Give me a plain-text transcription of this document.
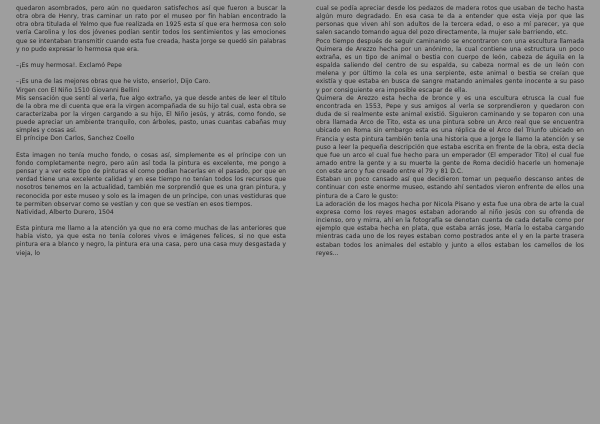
quedaron asombrados, pero aún no quedaron satisfechos así que fueron a buscar la otra obra de Henry, tras caminar un rato por el museo por fin habían encontrado la otra obra titulada el Yelmo que fue realizada en 1925 esta sí que era hermosa con solo vería Carolina y los dos jóvenes podían sentir todos los sentimientos y las emociones que se intentaban transmitir cuando esta fue creada, hasta Jorge se quedó sin palabras y no pudo expresar lo hermosa que era.

–¡Es muy hermosa!. Exclamó Pepe

–¡Es una de las mejores obras que he visto, enserio!, Dijo Caro.

Virgen con El Niño 1510 Giovanni Bellini

Mis sensación que sentí al verla, fue algo extraño, ya que desde antes de leer el título de la obra me di cuenta que era la virgen acompañada de su hijo tal cual, esta obra se caracterizaba por la virgen cargando a su hijo, El Niño jesús, y atrás, como fondo, se puede apreciar un ambiente tranquilo, con árboles, pasto, unas cuantas cabañas muy simples y cosas así.

El príncipe Don Carlos, Sanchez Coello

Esta imagen no tenía mucho fondo, o cosas así, simplemente es el príncipe con un fondo completamente negro, pero aún así toda la pintura es excelente, me pongo a pensar y a ver este tipo de pinturas el como podían hacerlas en el pasado, por que en verdad tiene una excelente calidad y en ese tiempo no tenían todos los recursos que nosotros tenemos en la actualidad, también me sorprendió que es una gran pintura, y reconocida por este museo y solo es la imagen de un príncipe, con unas vestiduras que te permiten observar como se vestían y con que se vestían en esos tiempos.

Natividad, Alberto Durero, 1504

Esta pintura me llamo a la atención ya que no era como muchas de las anteriores que había visto, ya que esta no tenía colores vivos e imágenes felices, si no que esta pintura era a blanco y negro, la pintura era una casa, pero una casa muy desgastada y vieja, lo

cual se podía apreciar desde los pedazos de madera rotos que usaban de techo hasta algún muro degradado. En esa casa te da a entender que esta vieja por que las personas que viven ahí son adultos de la tercera edad, o eso a mí parecer, ya que salen sacando tomando agua del pozo directamente, la mujer sale barriendo, etc.

Poco tiempo después de seguir caminando se encontraron con una escultura llamada Quimera de Arezzo hecha por un anónimo, la cual contiene una estructura un poco extraña, es un tipo de animal o bestia con cuerpo de león, cabeza de águila en la espalda saliendo del centro de su espalda, su cabeza normal es de un león con melena y por último la cola es una serpiente, este animal o bestia se creían que existía y que estaba en busca de sangre matando animales gente inocente a su paso y por consiguiente era imposible escapar de ella.

Quimera de Arezzo esta hecha de bronce y es una escultura etrusca la cual fue encontrada en 1553, Pepe y sus amigos al verla se sorprendieron y quedaron con duda de si realmente este animal existió. Siguieron caminando y se toparon con una obra llamada Arco de Tito, esta es una pintura sobre un Arco real que se encuentra ubicado en Roma sin embargo esta es una réplica de el Arco del Triunfo ubicado en Francia y esta pintura también tenía una historia que a Jorge le llamo la atención y se puso a leer la pequeña descripción que estaba escrita en frente de la obra, esta decía que fue un arco el cual fue hecho para un emperador (El emperador Tito) el cual fue amado entre la gente y a su muerte la gente de Roma decidió hacerle un homenaje con este arco y fue creado entre el 79 y 81 D.C.

Estaban un poco cansado así que decidieron tomar un pequeño descanso antes de continuar con este enorme museo, estando ahí sentados vieron enfrente de ellos una pintura de a Caro le gusto:

La adoración de los magos hecha por Nicola Pisano y esta fue una obra de arte la cual expresa como los reyes magos estaban adorando al niño jesús con su ofrenda de incienso, oro y mirra, ahí en la fotografía se denotan cuenta de cada detalle como por ejemplo que estaba hecha en plata, que estaba arrás jose, María lo estaba cargando mientras cada uno de los reyes estaban como postrados ante el y en la parte trasera estaban todos los animales del establo y junto a ellos estaban los camellos de los reyes...
